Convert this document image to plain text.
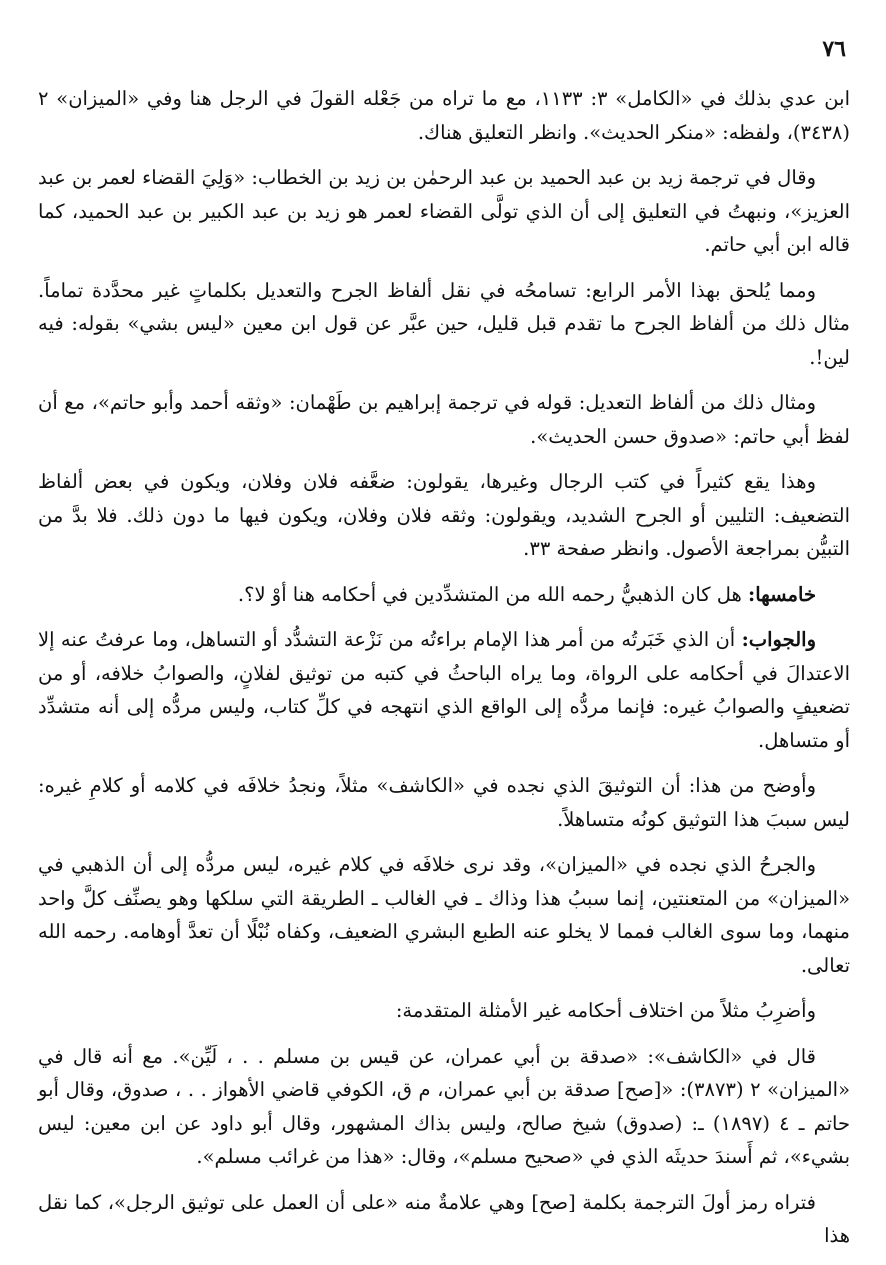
٧٦

ابن عدي بذلك في «الكامل» ٣: ١١٣٣، مع ما تراه من جَعْله القولَ في الرجل هنا وفي «الميزان» ٢ (٣٤٣٨)، ولفظه: «منكر الحديث». وانظر التعليق هناك.

وقال في ترجمة زيد بن عبد الحميد بن عبد الرحمٰن بن زيد بن الخطاب: «وَلِيَ القضاء لعمر بن عبد العزيز»، ونبهتُ في التعليق إلى أن الذي تولَّى القضاء لعمر هو زيد بن عبد الكبير بن عبد الحميد، كما قاله ابن أبي حاتم.

ومما يُلحق بهذا الأمر الرابع: تسامحُه في نقل ألفاظ الجرح والتعديل بكلماتٍ غير محدَّدة تماماً. مثال ذلك من ألفاظ الجرح ما تقدم قبل قليل، حين عبَّر عن قول ابن معين «ليس بشي» بقوله: فيه لين!.

ومثال ذلك من ألفاظ التعديل: قوله في ترجمة إبراهيم بن طَهْمان: «وثقه أحمد وأبو حاتم»، مع أن لفظ أبي حاتم: «صدوق حسن الحديث».

وهذا يقع كثيراً في كتب الرجال وغيرها، يقولون: ضعَّفه فلان وفلان، ويكون في بعض ألفاظ التضعيف: التليين أو الجرح الشديد، ويقولون: وثقه فلان وفلان، ويكون فيها ما دون ذلك. فلا بدَّ من التبيُّن بمراجعة الأصول. وانظر صفحة ٣٣.

خامسها: هل كان الذهبيُّ رحمه الله من المتشدِّدين في أحكامه هنا أوْ لا؟.

والجواب: أن الذي خَبَرتُه من أمر هذا الإمام براءتُه من نَزْعة التشدُّد أو التساهل، وما عرفتُ عنه إلا الاعتدالَ في أحكامه على الرواة، وما يراه الباحثُ في كتبه من توثيق لفلانٍ، والصوابُ خلافه، أو من تضعيفٍ والصوابُ غيره: فإنما مردُّه إلى الواقع الذي انتهجه في كلِّ كتاب، وليس مردُّه إلى أنه متشدِّد أو متساهل.

وأوضح من هذا: أن التوثيقَ الذي نجده في «الكاشف» مثلاً، ونجدُ خلافَه في كلامه أو كلامِ غيره: ليس سببَ هذا التوثيق كونُه متساهلاً.

والجرحُ الذي نجده في «الميزان»، وقد نرى خلافَه في كلام غيره، ليس مردُّه إلى أن الذهبي في «الميزان» من المتعنتين، إنما سببُ هذا وذاك ـ في الغالب ـ الطريقة التي سلكها وهو يصنِّف كلَّ واحد منهما، وما سوى الغالب فمما لا يخلو عنه الطبع البشري الضعيف، وكفاه نُبْلًا أن تعدَّ أوهامه. رحمه الله تعالى.

وأضرِبُ مثلاً من اختلاف أحكامه غير الأمثلة المتقدمة:

قال في «الكاشف»: «صدقة بن أبي عمران، عن قيس بن مسلم . . ، لَيِّن». مع أنه قال في «الميزان» ٢ (٣٨٧٣): «[صح] صدقة بن أبي عمران، م ق، الكوفي قاضي الأهواز . . ، صدوق، وقال أبو حاتم ـ ٤ (١٨٩٧) ـ: (صدوق) شيخ صالح، وليس بذاك المشهور، وقال أبو داود عن ابن معين: ليس بشيء»، ثم أَسندَ حديثَه الذي في «صحيح مسلم»، وقال: «هذا من غرائب مسلم».

فتراه رمز أولَ الترجمة بكلمة [صح] وهي علامةٌ منه «على أن العمل على توثيق الرجل»، كما نقل هذا
